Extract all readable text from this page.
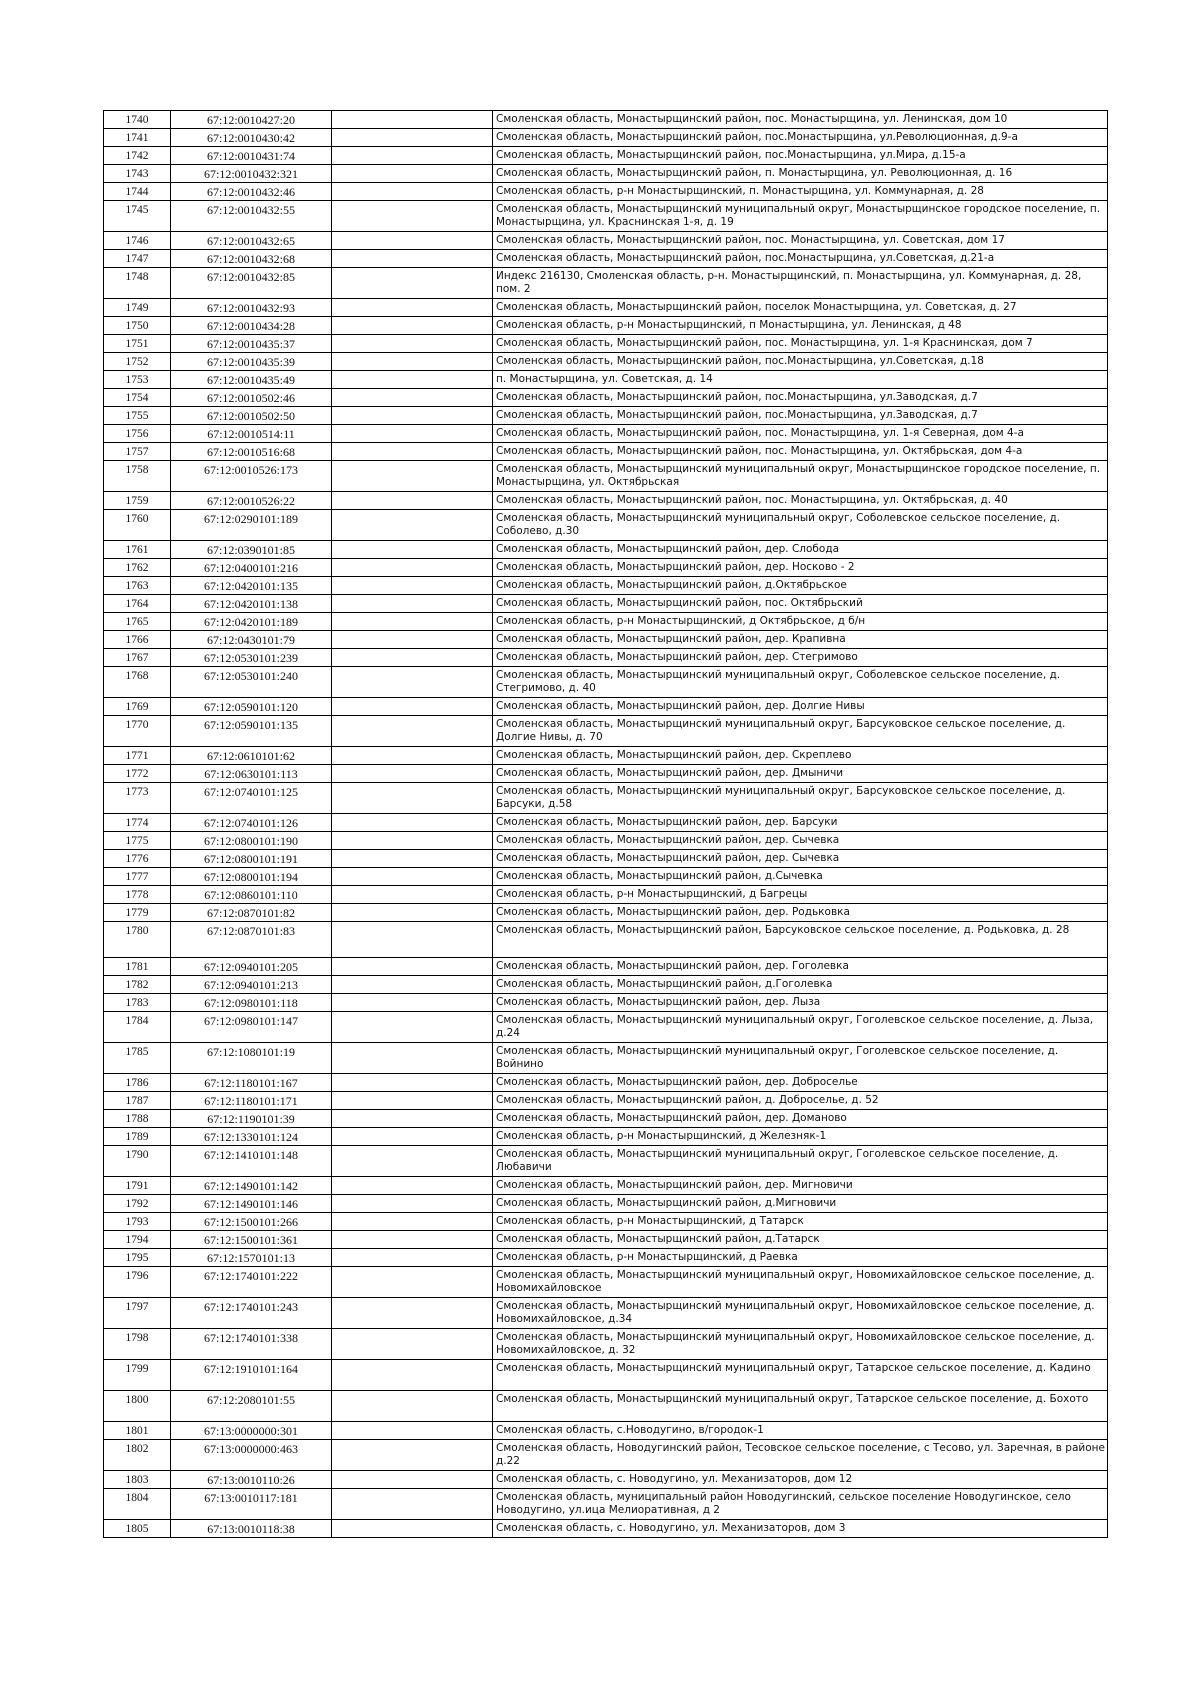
1740	67:12:0010427:20		Смоленская область, Монастырщинский район, пос. Монастырщина, ул. Ленинская, дом 10
1741	67:12:0010430:42		Смоленская область, Монастырщинский район, пос.Монастырщина, ул.Революционная, д.9-а
1742	67:12:0010431:74		Смоленская область, Монастырщинский район, пос.Монастырщина, ул.Мира, д.15-а
1743	67:12:0010432:321		Смоленская область, Монастырщинский район, п. Монастырщина, ул. Революционная, д. 16
1744	67:12:0010432:46		Смоленская область, р-н Монастырщинский, п. Монастырщина, ул. Коммунарная, д. 28
1745	67:12:0010432:55		Смоленская область, Монастырщинский муниципальный округ, Монастырщинское городское поселение, п. Монастырщина, ул. Краснинская 1-я, д. 19
1746	67:12:0010432:65		Смоленская область, Монастырщинский район, пос. Монастырщина, ул. Советская, дом 17
1747	67:12:0010432:68		Смоленская область, Монастырщинский район, пос.Монастырщина, ул.Советская, д.21-а
1748	67:12:0010432:85		Индекс 216130, Смоленская область, р-н. Монастырщинский, п. Монастырщина, ул. Коммунарная, д. 28, пом. 2
1749	67:12:0010432:93		Смоленская область, Монастырщинский район, поселок Монастырщина, ул. Советская, д. 27
1750	67:12:0010434:28		Смоленская область, р-н Монастырщинский, п Монастырщина, ул. Ленинская, д 48
1751	67:12:0010435:37		Смоленская область, Монастырщинский район, пос. Монастырщина, ул. 1-я Краснинская, дом 7
1752	67:12:0010435:39		Смоленская область, Монастырщинский район, пос.Монастырщина, ул.Советская, д.18
1753	67:12:0010435:49		п. Монастырщина, ул. Советская, д. 14
1754	67:12:0010502:46		Смоленская область, Монастырщинский район, пос.Монастырщина, ул.Заводская, д.7
1755	67:12:0010502:50		Смоленская область, Монастырщинский район, пос.Монастырщина, ул.Заводская, д.7
1756	67:12:0010514:11		Смоленская область, Монастырщинский район, пос. Монастырщина, ул. 1-я Северная, дом 4-а
1757	67:12:0010516:68		Смоленская область, Монастырщинский район, пос. Монастырщина, ул. Октябрьская, дом 4-а
1758	67:12:0010526:173		Смоленская область, Монастырщинский муниципальный округ, Монастырщинское городское поселение, п. Монастырщина, ул. Октябрьская
1759	67:12:0010526:22		Смоленская область, Монастырщинский район, пос. Монастырщина, ул. Октябрьская, д. 40
1760	67:12:0290101:189		Смоленская область, Монастырщинский муниципальный округ, Соболевское сельское поселение, д. Соболево, д.30
1761	67:12:0390101:85		Смоленская область, Монастырщинский район, дер. Слобода
1762	67:12:0400101:216		Смоленская область, Монастырщинский район, дер. Носково - 2
1763	67:12:0420101:135		Смоленская область, Монастырщинский район, д.Октябрьское
1764	67:12:0420101:138		Смоленская область, Монастырщинский район, пос. Октябрьский
1765	67:12:0420101:189		Смоленская область, р-н Монастырщинский, д Октябрьское, д б/н
1766	67:12:0430101:79		Смоленская область, Монастырщинский район, дер. Крапивна
1767	67:12:0530101:239		Смоленская область, Монастырщинский район, дер. Стегримово
1768	67:12:0530101:240		Смоленская область, Монастырщинский муниципальный округ, Соболевское сельское поселение, д. Стегримово, д. 40
1769	67:12:0590101:120		Смоленская область, Монастырщинский район, дер. Долгие Нивы
1770	67:12:0590101:135		Смоленская область, Монастырщинский муниципальный округ, Барсуковское сельское поселение, д. Долгие Нивы, д. 70
1771	67:12:0610101:62		Смоленская область, Монастырщинский район, дер. Скреплево
1772	67:12:0630101:113		Смоленская область, Монастырщинский район, дер. Дмыничи
1773	67:12:0740101:125		Смоленская область, Монастырщинский муниципальный округ, Барсуковское сельское поселение, д. Барсуки, д.58
1774	67:12:0740101:126		Смоленская область, Монастырщинский район, дер. Барсуки
1775	67:12:0800101:190		Смоленская область, Монастырщинский район, дер. Сычевка
1776	67:12:0800101:191		Смоленская область, Монастырщинский район, дер. Сычевка
1777	67:12:0800101:194		Смоленская область, Монастырщинский район, д.Сычевка
1778	67:12:0860101:110		Смоленская область, р-н Монастырщинский, д Багрецы
1779	67:12:0870101:82		Смоленская область, Монастырщинский район, дер. Родьковка
1780	67:12:0870101:83		Смоленская область, Монастырщинский район, Барсуковское сельское поселение, д. Родьковка, д. 28
1781	67:12:0940101:205		Смоленская область, Монастырщинский район, дер. Гоголевка
1782	67:12:0940101:213		Смоленская область, Монастырщинский район, д.Гоголевка
1783	67:12:0980101:118		Смоленская область, Монастырщинский район, дер. Лыза
1784	67:12:0980101:147		Смоленская область, Монастырщинский муниципальный округ, Гоголевское сельское поселение, д. Лыза, д.24
1785	67:12:1080101:19		Смоленская область, Монастырщинский муниципальный округ, Гоголевское сельское поселение, д. Войнино
1786	67:12:1180101:167		Смоленская область, Монастырщинский район, дер. Доброселье
1787	67:12:1180101:171		Смоленская область, Монастырщинский район, д. Доброселье, д. 52
1788	67:12:1190101:39		Смоленская область, Монастырщинский район, дер. Доманово
1789	67:12:1330101:124		Смоленская область, р-н Монастырщинский, д Железняк-1
1790	67:12:1410101:148		Смоленская область, Монастырщинский муниципальный округ, Гоголевское сельское поселение, д. Любавичи
1791	67:12:1490101:142		Смоленская область, Монастырщинский район, дер. Мигновичи
1792	67:12:1490101:146		Смоленская область, Монастырщинский район, д.Мигновичи
1793	67:12:1500101:266		Смоленская область, р-н Монастырщинский, д Татарск
1794	67:12:1500101:361		Смоленская область, Монастырщинский район, д.Татарск
1795	67:12:1570101:13		Смоленская область, р-н Монастырщинский, д Раевка
1796	67:12:1740101:222		Смоленская область, Монастырщинский муниципальный округ, Новомихайловское сельское поселение, д. Новомихайловское
1797	67:12:1740101:243		Смоленская область, Монастырщинский муниципальный округ, Новомихайловское сельское поселение, д. Новомихайловское, д.34
1798	67:12:1740101:338		Смоленская область, Монастырщинский муниципальный округ, Новомихайловское сельское поселение, д. Новомихайловское, д. 32
1799	67:12:1910101:164		Смоленская область, Монастырщинский муниципальный округ, Татарское сельское поселение, д. Кадино
1800	67:12:2080101:55		Смоленская область, Монастырщинский муниципальный округ, Татарское сельское поселение, д. Бохото
1801	67:13:0000000:301		Смоленская область, с.Новодугино, в/городок-1
1802	67:13:0000000:463		Смоленская область, Новодугинский район, Тесовское сельское поселение, с Тесово, ул. Заречная, в районе д.22
1803	67:13:0010110:26		Смоленская область, с. Новодугино, ул. Механизаторов, дом 12
1804	67:13:0010117:181		Смоленская область, муниципальный район Новодугинский, сельское поселение Новодугинское, село Новодугино, ул.ица Мелиоративная, д 2
1805	67:13:0010118:38		Смоленская область, с. Новодугино, ул. Механизаторов, дом 3
